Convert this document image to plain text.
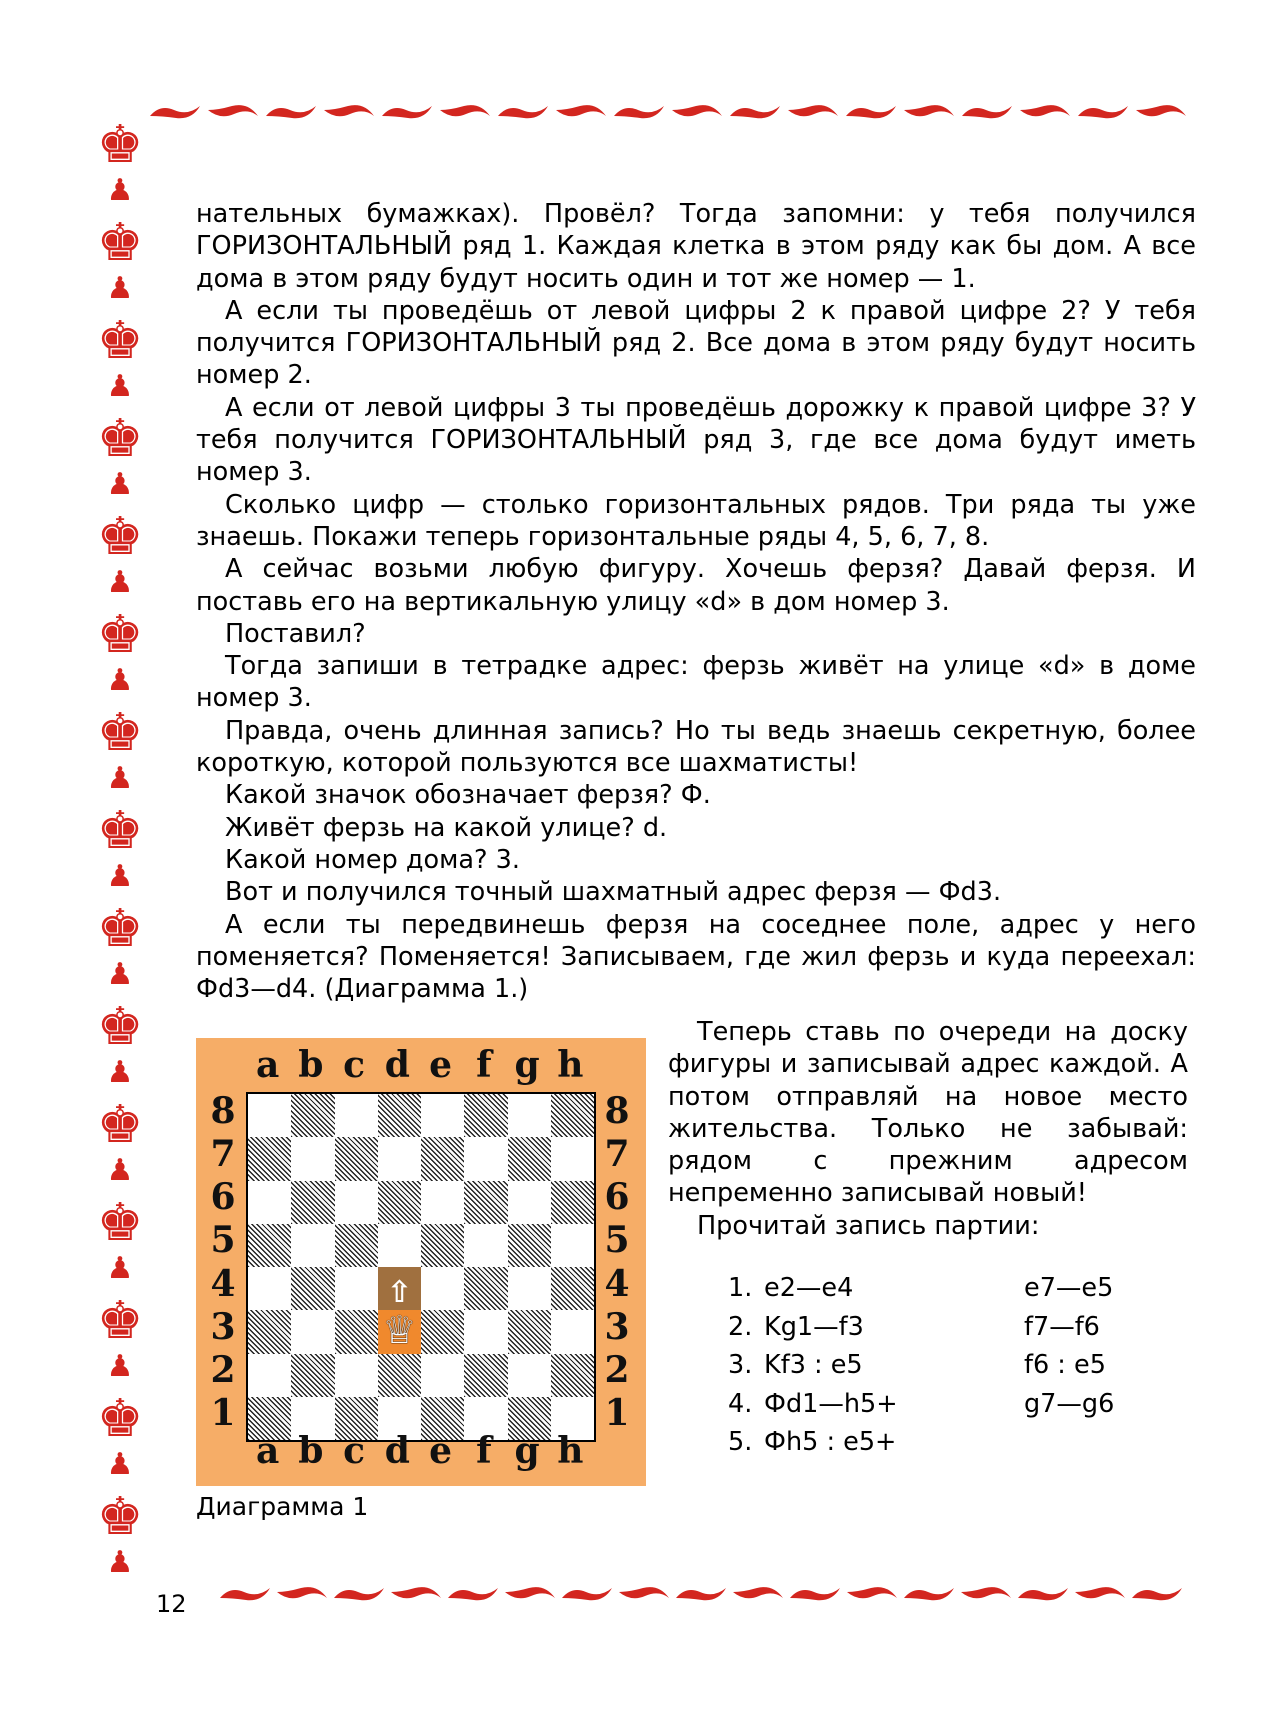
♚
♟
♚
♟
♚
♟
♚
♟
♚
♟
♚
♟
♚
♟
♚
♟
♚
♟
♚
♟
♚
♟
♚
♟
♚
♟
♚
♟
♚
♟

нательных бумажках). Провёл? Тогда запомни: у тебя получился ГОРИЗОНТАЛЬНЫЙ ряд 1. Каждая клетка в этом ряду как бы дом. А все дома в этом ряду будут носить один и тот же номер — 1.

А если ты проведёшь от левой цифры 2 к правой цифре 2? У тебя получится ГОРИЗОНТАЛЬНЫЙ ряд 2. Все дома в этом ряду будут носить номер 2.

А если от левой цифры 3 ты проведёшь дорожку к правой цифре 3? У тебя получится ГОРИЗОНТАЛЬНЫЙ ряд 3, где все дома будут иметь номер 3.

Сколько цифр — столько горизонтальных рядов. Три ряда ты уже знаешь. Покажи теперь горизонтальные ряды 4, 5, 6, 7, 8.

А сейчас возьми любую фигуру. Хочешь ферзя? Давай ферзя. И поставь его на вертикальную улицу «d» в дом номер 3.

Поставил?

Тогда запиши в тетрадке адрес: ферзь живёт на улице «d» в доме номер 3.

Правда, очень длинная запись? Но ты ведь знаешь секретную, более короткую, которой пользуются все шахматисты!

Какой значок обозначает ферзя? Ф.

Живёт ферзь на какой улице? d.

Какой номер дома? 3.

Вот и получился точный шахматный адрес ферзя — Фd3.

А если ты передвинешь ферзя на соседнее поле, адрес у него поменяется? Поменяется! Записываем, где жил ферзь и куда переехал: Фd3—d4. (Диаграмма 1.)

⇧
♕
a
a
b
b
c
c
d
d
e
e
f
f
g
g
h
h
8	8
7	7
6	6
5	5
4	4
3	3
2	2
1	1
Диаграмма 1

Теперь ставь по очереди на доску фигуры и записывай адрес каждой. А потом отправляй на новое место жительства. Только не забывай: рядом с прежним адресом непременно записывай новый!

Прочитай запись партии:

1. e2—e4	e7—e5
2. Kg1—f3	f7—f6
3. Kf3 : e5	f6 : e5
4. Фd1—h5+	g7—g6
5. Фh5 : e5+
12
